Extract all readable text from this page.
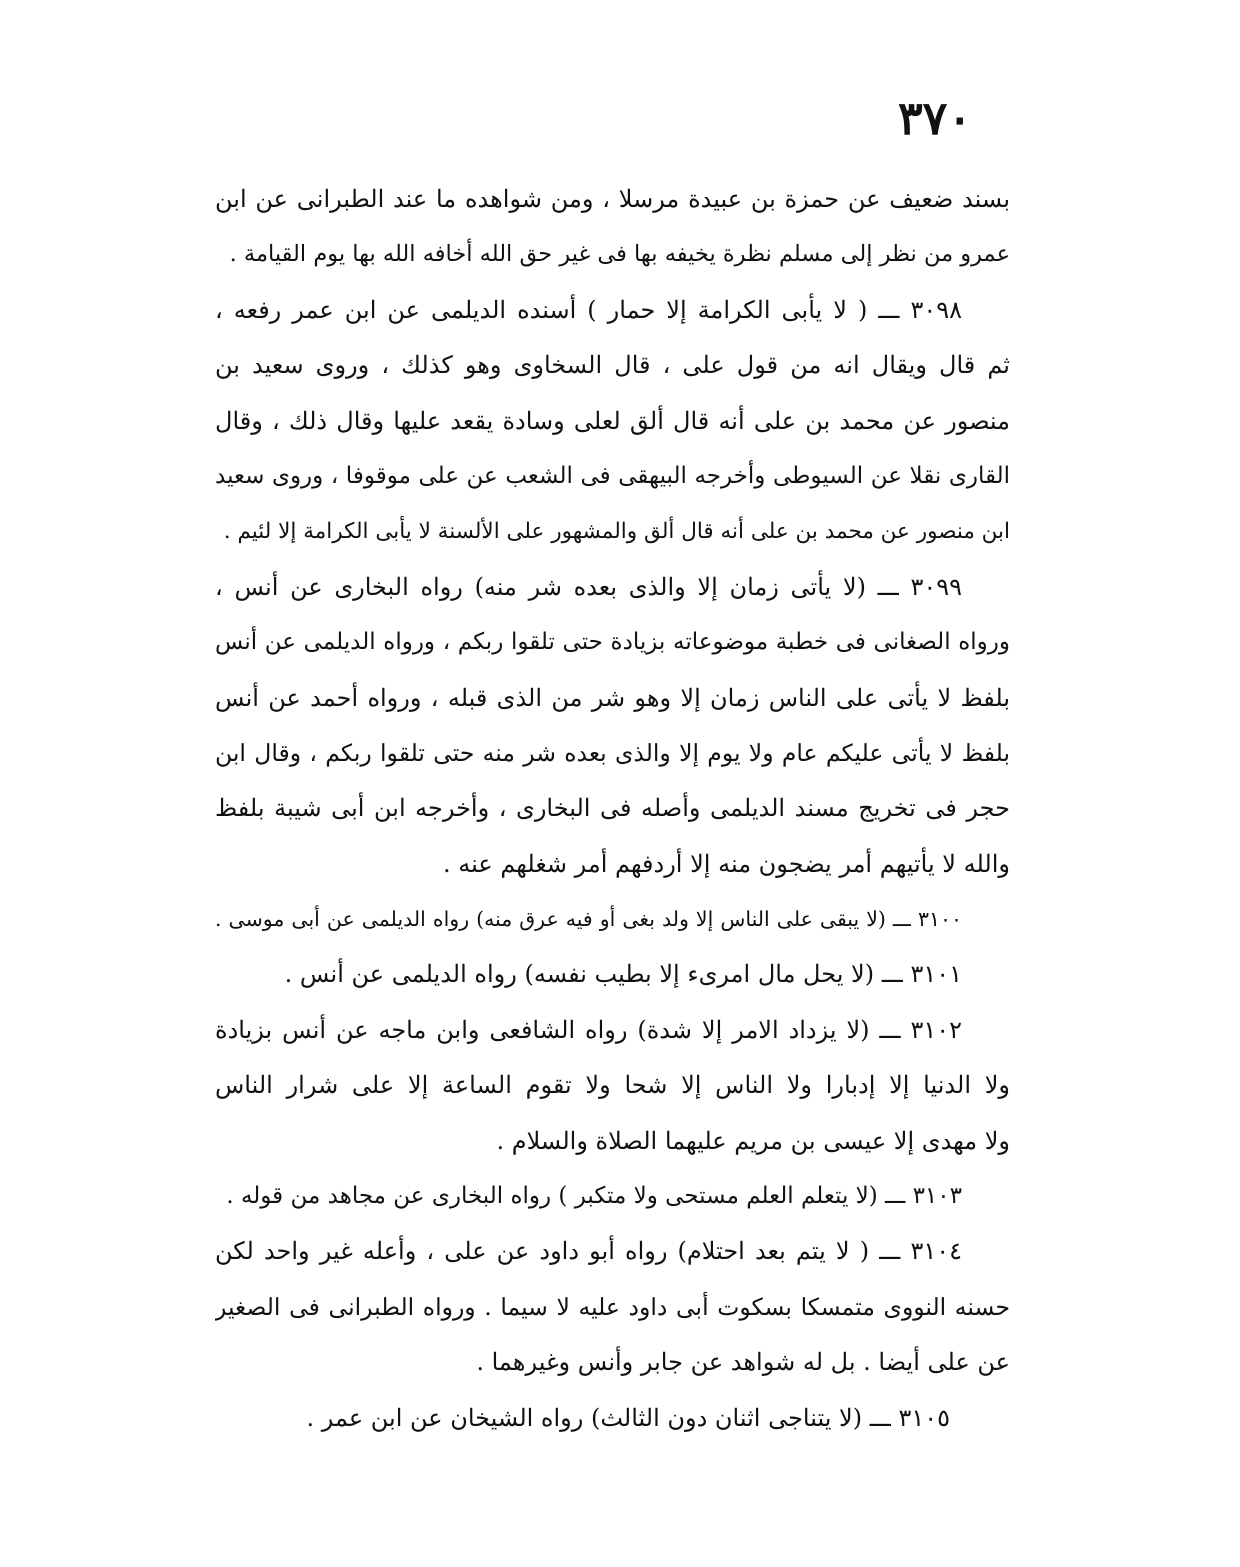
٣٧٠
بسند ضعيف عن حمزة بن عبيدة مرسلا ، ومن شواهده ما عند الطبرانى عن ابن
عمرو من نظر إلى مسلم نظرة يخيفه بها فى غير حق الله أخافه الله بها يوم القيامة .
٣٠٩٨ ـــ ( لا يأبى الكرامة إلا حمار ) أسنده الديلمى عن ابن عمر رفعه ،
ثم قال ويقال انه من قول على ، قال السخاوى وهو كذلك ، وروى سعيد بن
منصور عن محمد بن على أنه قال ألق لعلى وسادة يقعد عليها وقال ذلك ، وقال
القارى نقلا عن السيوطى وأخرجه البيهقى فى الشعب عن على موقوفا ، وروى سعيد
ابن منصور عن محمد بن على أنه قال ألق والمشهور على الألسنة لا يأبى الكرامة إلا لئيم .
٣٠٩٩ ـــ (لا يأتى زمان إلا والذى بعده شر منه) رواه البخارى عن أنس ،
ورواه الصغانى فى خطبة موضوعاته بزيادة حتى تلقوا ربكم ، ورواه الديلمى عن أنس
بلفظ لا يأتى على الناس زمان إلا وهو شر من الذى قبله ، ورواه أحمد عن أنس
بلفظ لا يأتى عليكم عام ولا يوم إلا والذى بعده شر منه حتى تلقوا ربكم ، وقال ابن
حجر فى تخريج مسند الديلمى وأصله فى البخارى ، وأخرجه ابن أبى شيبة بلفظ
والله لا يأتيهم أمر يضجون منه إلا أردفهم أمر شغلهم عنه .
٣١٠٠ ـــ (لا يبقى على الناس إلا ولد بغى أو فيه عرق منه) رواه الديلمى عن أبى موسى .
٣١٠١ ـــ (لا يحل مال امرىء إلا بطيب نفسه) رواه الديلمى عن أنس .
٣١٠٢ ـــ (لا يزداد الامر إلا شدة) رواه الشافعى وابن ماجه عن أنس بزيادة
ولا الدنيا إلا إدبارا ولا الناس إلا شحا ولا تقوم الساعة إلا على شرار الناس
ولا مهدى إلا عيسى بن مريم عليهما الصلاة والسلام .
٣١٠٣ ـــ (لا يتعلم العلم مستحى ولا متكبر ) رواه البخارى عن مجاهد من قوله .
٣١٠٤ ـــ ( لا يتم بعد احتلام) رواه أبو داود عن على ، وأعله غير واحد لكن
حسنه النووى متمسكا بسكوت أبى داود عليه لا سيما . ورواه الطبرانى فى الصغير
عن على أيضا . بل له شواهد عن جابر وأنس وغيرهما .
٣١٠٥ ـــ (لا يتناجى اثنان دون الثالث) رواه الشيخان عن ابن عمر .
